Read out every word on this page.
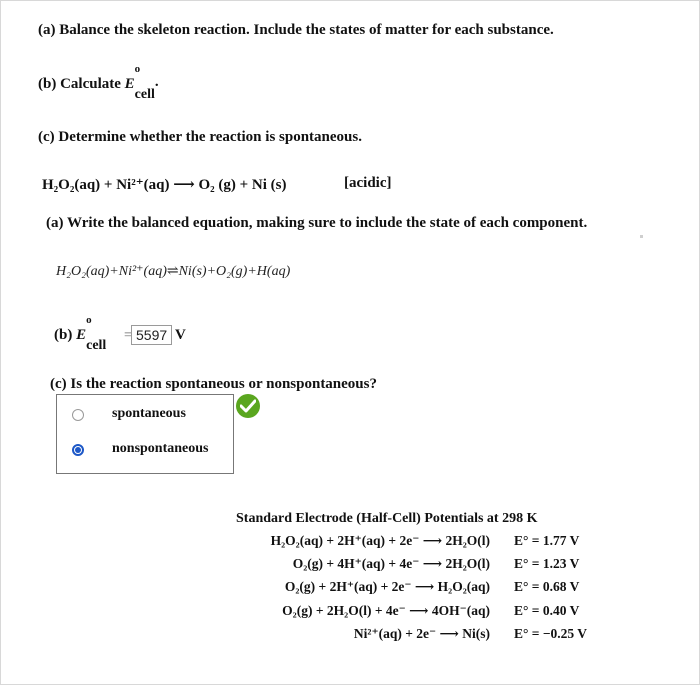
(a) Balance the skeleton reaction. Include the states of matter for each substance.
(b) Calculate E
o
cell.
(c) Determine whether the reaction is spontaneous.
H₂O₂(aq) + Ni²⁺(aq) ⟶ O₂ (g) + Ni (s)	[acidic]
(a) Write the balanced equation, making sure to include the state of each component.
H₂O₂(aq)+Ni²⁺(aq)⇌Ni(s)+O₂(g)+H(aq)
(b) E
o
cell
= 5597 V
(c) Is the reaction spontaneous or nonspontaneous?
spontaneous
nonspontaneous
Standard Electrode (Half-Cell) Potentials at 298 K
H₂O₂(aq) + 2H⁺(aq) + 2e⁻ ⟶ 2H₂O(l) E° = 1.77 V
O₂(g) + 4H⁺(aq) + 4e⁻ ⟶ 2H₂O(l) E° = 1.23 V
O₂(g) + 2H⁺(aq) + 2e⁻ ⟶ H₂O₂(aq) E° = 0.68 V
O₂(g) + 2H₂O(l) + 4e⁻ ⟶ 4OH⁻(aq) E° = 0.40 V
Ni²⁺(aq) + 2e⁻ ⟶ Ni(s) E° = −0.25 V
